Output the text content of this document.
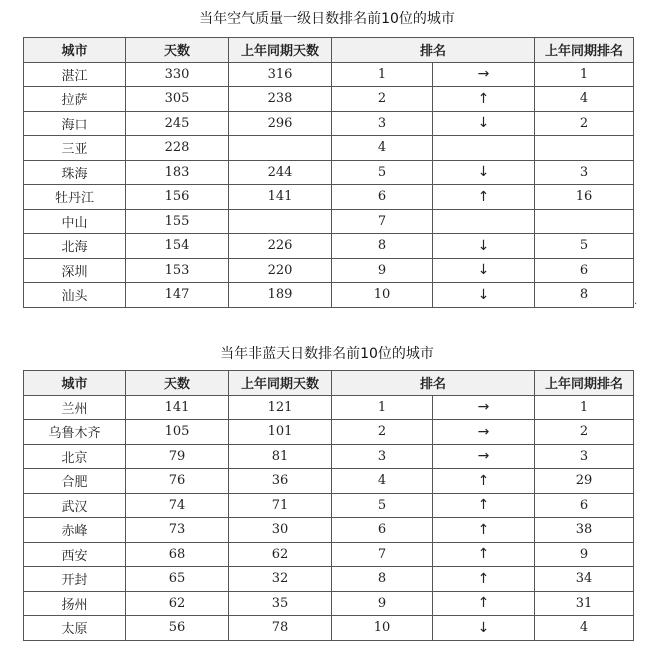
当年空气质量一级日数排名前10位的城市
城市	天数	上年同期天数	排名		上年同期排名
湛江	330	316	1	→	1
拉萨	305	238	2	↑	4
海口	245	296	3	↓	2
三亚	228		4		
珠海	183	244	5	↓	3
牡丹江	156	141	6	↑	16
中山	155		7		
北海	154	226	8	↓	5
深圳	153	220	9	↓	6
汕头	147	189	10	↓	8	.
当年非蓝天日数排名前10位的城市
城市	天数	上年同期天数	排名		上年同期排名
兰州	141	121	1	→	1
乌鲁木齐	105	101	2	→	2
北京	79	81	3	→	3
合肥	76	36	4	↑	29
武汉	74	71	5	↑	6
赤峰	73	30	6	↑	38
西安	68	62	7	↑	9
开封	65	32	8	↑	34
扬州	62	35	9	↑	31
太原	56	78	10	↓	4
